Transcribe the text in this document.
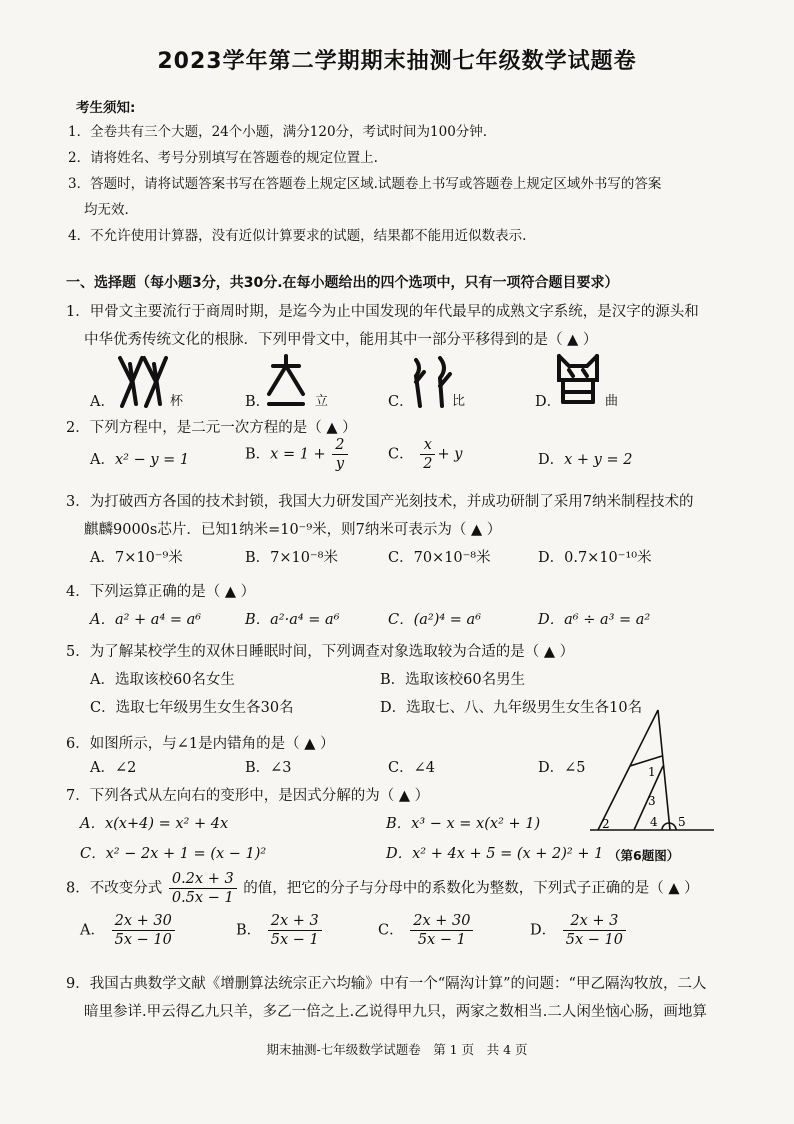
2023学年第二学期期末抽测七年级数学试题卷
考生须知:
1．全卷共有三个大题，24个小题，满分120分，考试时间为100分钟.
2．请将姓名、考号分别填写在答题卷的规定位置上.
3．答题时，请将试题答案书写在答题卷上规定区域.试题卷上书写或答题卷上规定区域外书写的答案
均无效.
4．不允许使用计算器，没有近似计算要求的试题，结果都不能用近似数表示.
一、选择题（每小题3分，共30分.在每小题给出的四个选项中，只有一项符合题目要求）
1．甲骨文主要流行于商周时期，是迄今为止中国发现的年代最早的成熟文字系统，是汉字的源头和
中华优秀传统文化的根脉．下列甲骨文中，能用其中一部分平移得到的是（ ▲ ）
A．	杯	B．	立	C．	比	D．	曲
2．下列方程中，是二元一次方程的是（ ▲ ）
A．x² − y = 1	B．$x = 1 + \frac{2}{y}$	C． $\frac{x}{2} + y$	D．x + y = 2
3．为打破西方各国的技术封锁，我国大力研发国产光刻技术，并成功研制了采用7纳米制程技术的
麒麟9000s芯片．已知1纳米=10⁻⁹米，则7纳米可表示为（ ▲ ）
A．7×10⁻⁹米	B．7×10⁻⁸米	C．70×10⁻⁸米	D．0.7×10⁻¹⁰米
4．下列运算正确的是（ ▲ ）
A．a² + a⁴ = a⁶	B．a²·a⁴ = a⁶	C．(a²)⁴ = a⁶	D．a⁶ ÷ a³ = a²
5．为了解某校学生的双休日睡眠时间，下列调查对象选取较为合适的是（ ▲ ）
A．选取该校60名女生	B．选取该校60名男生
C．选取七年级男生女生各30名	D．选取七、八、九年级男生女生各10名
6．如图所示，与∠1是内错角的是（ ▲ ）
A．∠2	B．∠3	C．∠4	D．∠5	1
3
2	4 5
（第6题图）
7．下列各式从左向右的变形中，是因式分解的为（ ▲ ）
A．x(x+4) = x² + 4x	B．x³ − x = x(x² + 1)
C．x² − 2x + 1 = (x − 1)²	D．x² + 4x + 5 = (x + 2)² + 1
8．不改变分式 $\frac{0.2x + 3}{0.5x - 1}$ 的值，把它的分子与分母中的系数化为整数，下列式子正确的是（ ▲ ）
A． $\frac{2x + 30}{5x - 10}$	B． $\frac{2x + 3}{5x - 1}$	C． $\frac{2x + 30}{5x - 1}$	D． $\frac{2x + 3}{5x - 10}$
9．我国古典数学文献《增删算法统宗正六均输》中有一个“隔沟计算”的问题：“甲乙隔沟牧放，二人
暗里参详.甲云得乙九只羊，多乙一倍之上.乙说得甲九只，两家之数相当.二人闲坐恼心肠，画地算
期末抽测-七年级数学试题卷　第 1 页　共 4 页
